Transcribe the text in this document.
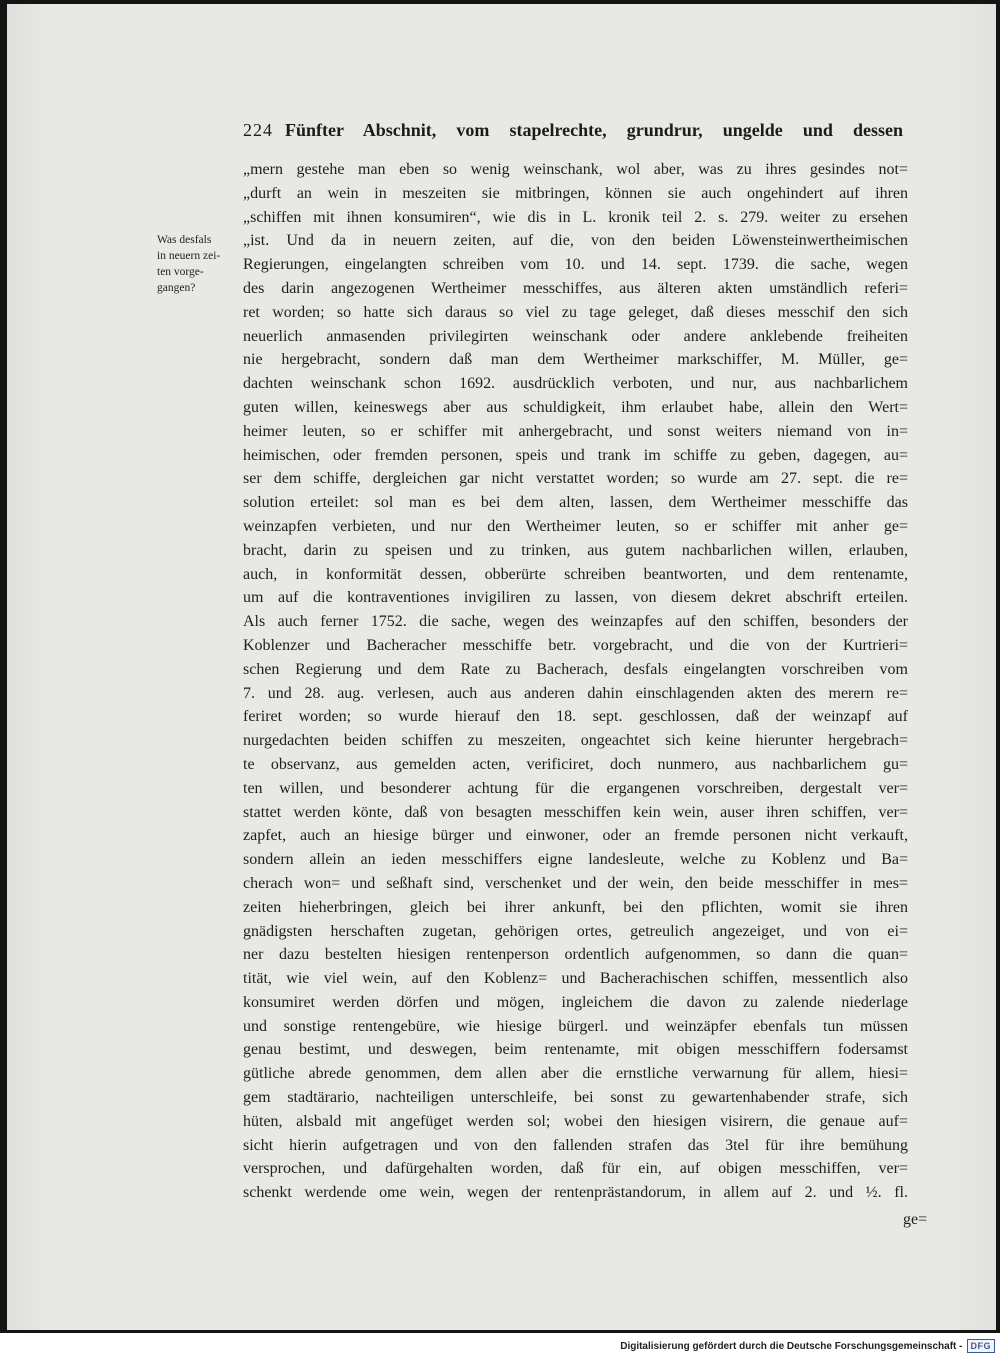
224 Fünfter Abschnit, vom stapelrechte, grundrur, ungelde und dessen
Was desfals
in neuern zei-
ten vorge-
gangen?
„mern gestehe man eben so wenig weinschank, wol aber, was zu ihres gesindes not=
„durft an wein in meszeiten sie mitbringen, können sie auch ongehindert auf ihren
„schiffen mit ihnen konsumiren“, wie dis in L. kronik teil 2. s. 279. weiter zu ersehen
„ist. Und da in neuern zeiten, auf die, von den beiden Löwensteinwertheimischen
Regierungen, eingelangten schreiben vom 10. und 14. sept. 1739. die sache, wegen
des darin angezogenen Wertheimer messchiffes, aus älteren akten umständlich referi=
ret worden; so hatte sich daraus so viel zu tage geleget, daß dieses messchif den sich
neuerlich anmasenden privilegirten weinschank oder andere anklebende freiheiten
nie hergebracht, sondern daß man dem Wertheimer markschiffer, M. Müller, ge=
dachten weinschank schon 1692. ausdrücklich verboten, und nur, aus nachbarlichem
guten willen, keineswegs aber aus schuldigkeit, ihm erlaubet habe, allein den Wert=
heimer leuten, so er schiffer mit anhergebracht, und sonst weiters niemand von in=
heimischen, oder fremden personen, speis und trank im schiffe zu geben, dagegen, au=
ser dem schiffe, dergleichen gar nicht verstattet worden; so wurde am 27. sept. die re=
solution erteilet: sol man es bei dem alten, lassen, dem Wertheimer messchiffe das
weinzapfen verbieten, und nur den Wertheimer leuten, so er schiffer mit anher ge=
bracht, darin zu speisen und zu trinken, aus gutem nachbarlichen willen, erlauben,
auch, in konformität dessen, obberürte schreiben beantworten, und dem rentenamte,
um auf die kontraventiones invigiliren zu lassen, von diesem dekret abschrift erteilen.
Als auch ferner 1752. die sache, wegen des weinzapfes auf den schiffen, besonders der
Koblenzer und Bacheracher messchiffe betr. vorgebracht, und die von der Kurtrieri=
schen Regierung und dem Rate zu Bacherach, desfals eingelangten vorschreiben vom
7. und 28. aug. verlesen, auch aus anderen dahin einschlagenden akten des merern re=
feriret worden; so wurde hierauf den 18. sept. geschlossen, daß der weinzapf auf
nurgedachten beiden schiffen zu meszeiten, ongeachtet sich keine hierunter hergebrach=
te observanz, aus gemelden acten, verificiret, doch nunmero, aus nachbarlichem gu=
ten willen, und besonderer achtung für die ergangenen vorschreiben, dergestalt ver=
stattet werden könte, daß von besagten messchiffen kein wein, auser ihren schiffen, ver=
zapfet, auch an hiesige bürger und einwoner, oder an fremde personen nicht verkauft,
sondern allein an ieden messchiffers eigne landesleute, welche zu Koblenz und Ba=
cherach won= und seßhaft sind, verschenket und der wein, den beide messchiffer in mes=
zeiten hieherbringen, gleich bei ihrer ankunft, bei den pflichten, womit sie ihren
gnädigsten herschaften zugetan, gehörigen ortes, getreulich angezeiget, und von ei=
ner dazu bestelten hiesigen rentenperson ordentlich aufgenommen, so dann die quan=
tität, wie viel wein, auf den Koblenz= und Bacherachischen schiffen, messentlich also
konsumiret werden dörfen und mögen, ingleichem die davon zu zalende niederlage
und sonstige rentengebüre, wie hiesige bürgerl. und weinzäpfer ebenfals tun müssen
genau bestimt, und deswegen, beim rentenamte, mit obigen messchiffern fodersamst
gütliche abrede genommen, dem allen aber die ernstliche verwarnung für allem, hiesi=
gem stadtärario, nachteiligen unterschleife, bei sonst zu gewartenhabender strafe, sich
hüten, alsbald mit angefüget werden sol; wobei den hiesigen visirern, die genaue auf=
sicht hierin aufgetragen und von den fallenden strafen das 3tel für ihre bemühung
versprochen, und dafürgehalten worden, daß für ein, auf obigen messchiffen, ver=
schenkt werdende ome wein, wegen der rentenprästandorum, in allem auf 2. und ½. fl.
ge=
Digitalisierung gefördert durch die Deutsche Forschungsgemeinschaft - DFG
